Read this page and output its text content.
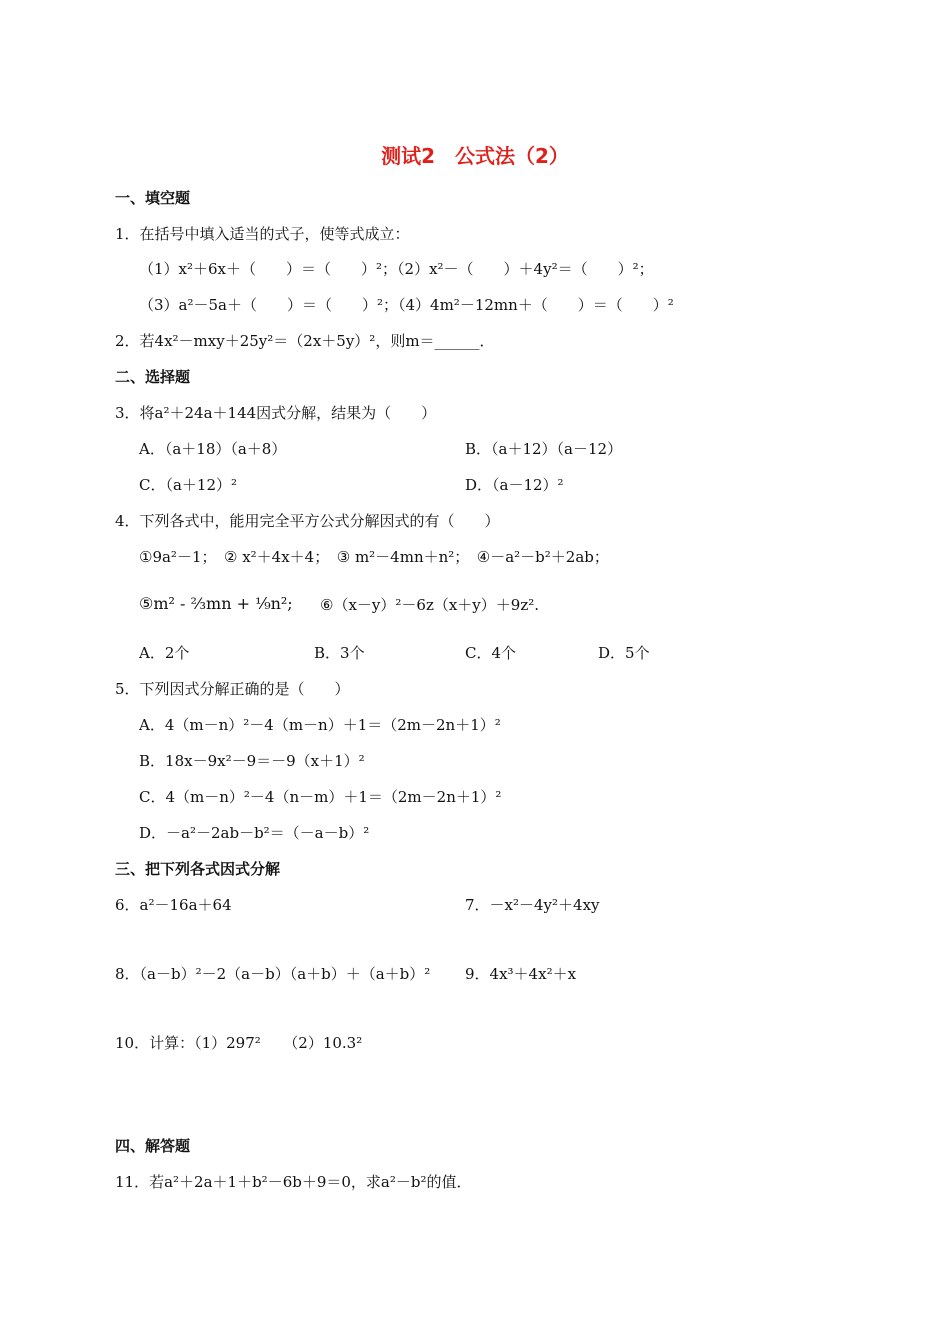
测试2　公式法（2）
一、填空题
1．在括号中填入适当的式子，使等式成立：
（1）x²＋6x＋（　　）＝（　　）²；（2）x²－（　　）＋4y²＝（　　）²；
（3）a²－5a＋（　　）＝（　　）²；（4）4m²－12mn＋（　　）＝（　　）²
2．若4x²－mxy＋25y²＝（2x＋5y）²，则m＝______．
二、选择题
3．将a²＋24a＋144因式分解，结果为（　　）
A．（a＋18）（a＋8）	B．（a＋12）（a－12）
C．（a＋12）²	D．（a－12）²
4．下列各式中，能用完全平方公式分解因式的有（　　）
①9a²－1；　② x²＋4x＋4；　③ m²－4mn＋n²；　④－a²－b²＋2ab；
⑤m² - ⅔mn + ⅑n²; ⑥（x－y）²－6z（x＋y）＋9z².
A．2个	B．3个	C．4个	D．5个
5．下列因式分解正确的是（　　）
A．4（m－n）²－4（m－n）＋1＝（2m－2n＋1）²
B．18x－9x²－9＝－9（x＋1）²
C．4（m－n）²－4（n－m）＋1＝（2m－2n＋1）²
D．－a²－2ab－b²＝（－a－b）²
三、把下列各式因式分解
6．a²－16a＋64	7．－x²－4y²＋4xy
8．（a－b）²－2（a－b）（a＋b）＋（a＋b）² 9．4x³＋4x²＋x
10．计算：（1）297²　　（2）10.3²
四、解答题
11．若a²＋2a＋1＋b²－6b＋9＝0，求a²－b²的值．
